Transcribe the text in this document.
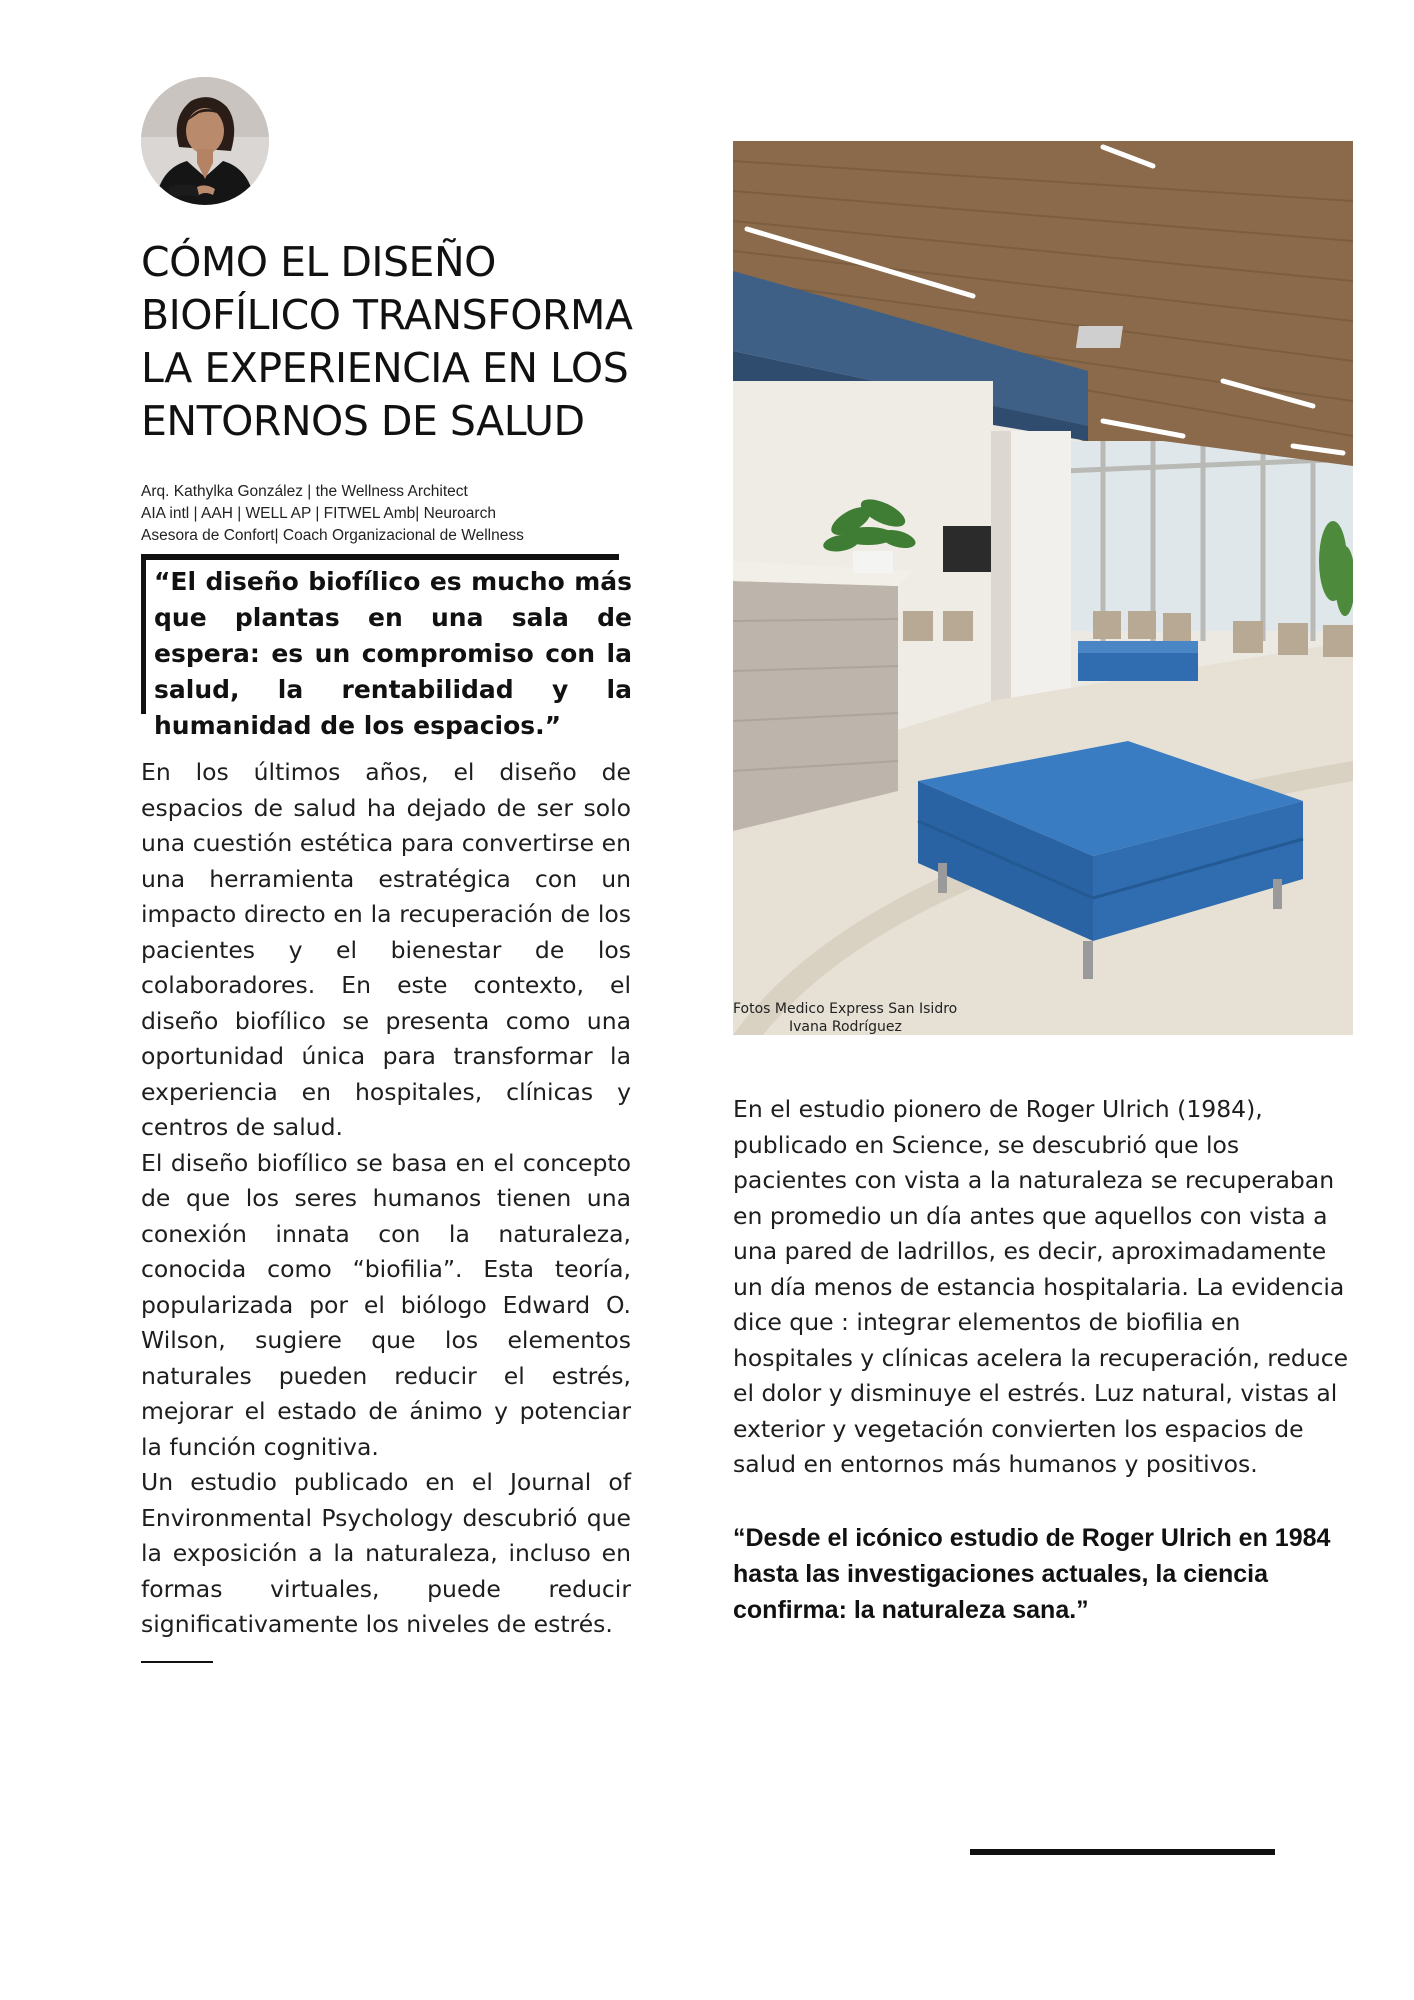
CÓMO EL DISEÑO
BIOFÍLICO TRANSFORMA
LA EXPERIENCIA EN LOS
ENTORNOS DE SALUD
Arq. Kathylka González | the Wellness Architect
AIA intl | AAH | WELL AP | FITWEL Amb| Neuroarch
Asesora de Confort| Coach Organizacional de Wellness

“El diseño biofílico es mucho más que plantas en una sala de espera: es un compromiso con la salud, la rentabilidad y la humanidad de los espacios.”

En los últimos años, el diseño de espacios de salud ha dejado de ser solo una cuestión estética para convertirse en una herramienta estratégica con un impacto directo en la recuperación de los pacientes y el bienestar de los colaboradores. En este contexto, el diseño biofílico se presenta como una oportunidad única para transformar la experiencia en hospitales, clínicas y centros de salud.

El diseño biofílico se basa en el concepto de que los seres humanos tienen una conexión innata con la naturaleza, conocida como “biofilia”. Esta teoría, popularizada por el biólogo Edward O. Wilson, sugiere que los elementos naturales pueden reducir el estrés, mejorar el estado de ánimo y potenciar la función cognitiva.

Un estudio publicado en el Journal of Environmental Psychology descubrió que la exposición a la naturaleza, incluso en formas virtuales, puede reducir significativamente los niveles de estrés.

Fotos Medico Express San Isidro
Ivana Rodríguez

En el estudio pionero de Roger Ulrich (1984), publicado en Science, se descubrió que los pacientes con vista a la naturaleza se recuperaban en promedio un día antes que aquellos con vista a una pared de ladrillos, es decir, aproximadamente un día menos de estancia hospitalaria. La evidencia dice que : integrar elementos de biofilia en hospitales y clínicas acelera la recuperación, reduce el dolor y disminuye el estrés. Luz natural, vistas al exterior y vegetación convierten los espacios de salud en entornos más humanos y positivos.

“Desde el icónico estudio de Roger Ulrich en 1984 hasta las investigaciones actuales, la ciencia confirma: la naturaleza sana.”
